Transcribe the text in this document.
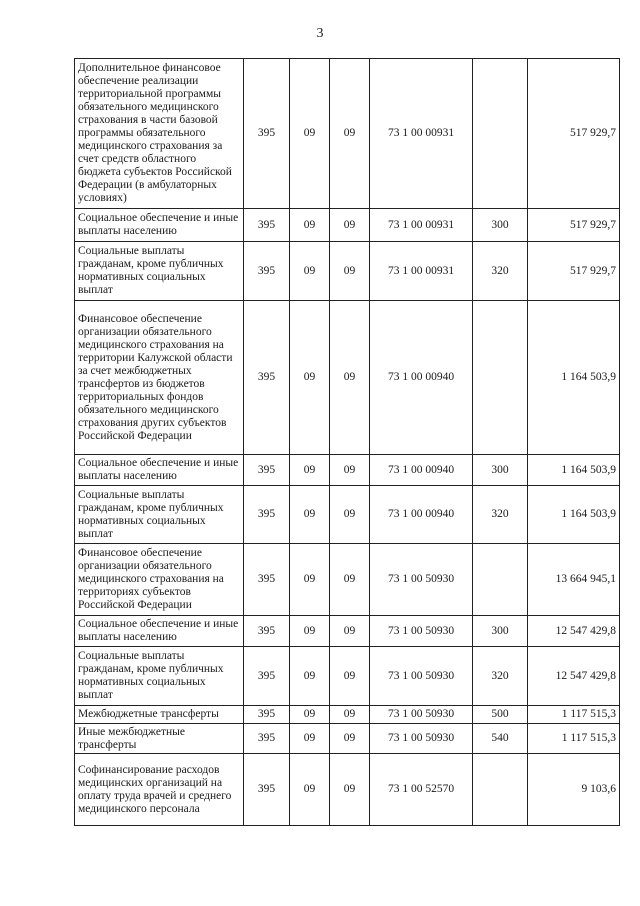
3
Дополнительное финансовое обеспечение реализации территориальной программы обязательного медицинского страхования в части базовой программы обязательного медицинского страхования за счет средств областного бюджета субъектов Российской Федерации (в амбулаторных условиях)	395	09	09	73 1 00 00931		517 929,7
Социальное обеспечение и иные выплаты населению	395	09	09	73 1 00 00931	300	517 929,7
Социальные выплаты гражданам, кроме публичных нормативных социальных выплат	395	09	09	73 1 00 00931	320	517 929,7
Финансовое обеспечение организации обязательного медицинского страхования на территории Калужской области за счет межбюджетных трансфертов из бюджетов территориальных фондов обязательного медицинского страхования других субъектов Российской Федерации	395	09	09	73 1 00 00940		1 164 503,9
Социальное обеспечение и иные выплаты населению	395	09	09	73 1 00 00940	300	1 164 503,9
Социальные выплаты гражданам, кроме публичных нормативных социальных выплат	395	09	09	73 1 00 00940	320	1 164 503,9
Финансовое обеспечение организации обязательного медицинского страхования на территориях субъектов Российской Федерации	395	09	09	73 1 00 50930		13 664 945,1
Социальное обеспечение и иные выплаты населению	395	09	09	73 1 00 50930	300	12 547 429,8
Социальные выплаты гражданам, кроме публичных нормативных социальных выплат	395	09	09	73 1 00 50930	320	12 547 429,8
Межбюджетные трансферты	395	09	09	73 1 00 50930	500	1 117 515,3
Иные межбюджетные трансферты	395	09	09	73 1 00 50930	540	1 117 515,3
Софинансирование расходов медицинских организаций на оплату труда врачей и среднего медицинского персонала	395	09	09	73 1 00 52570		9 103,6
